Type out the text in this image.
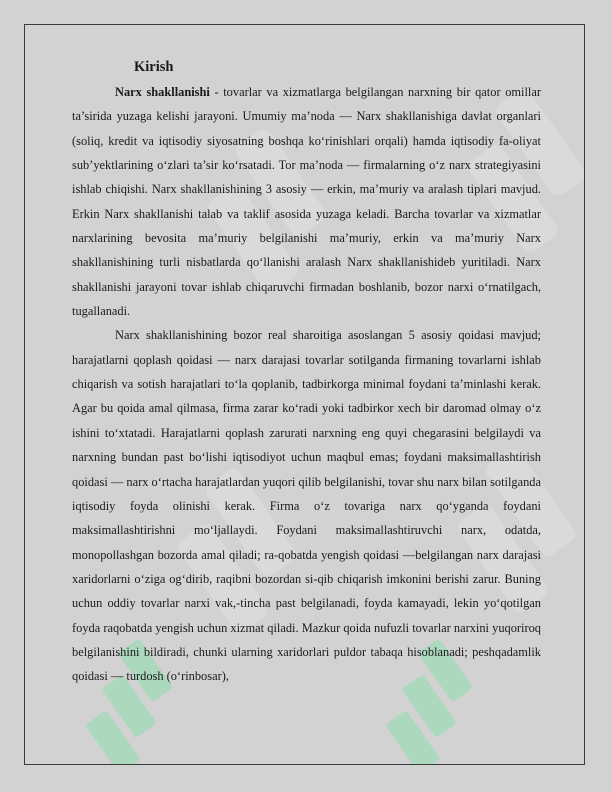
Kirish

Narx shakllanishi - tovarlar va xizmatlarga belgilangan narxning bir qator omillar ta’sirida yuzaga kelishi jarayoni. Umumiy ma’noda — Narx shakllanishiga davlat organlari (soliq, kredit va iqtisodiy siyosatning boshqa ko‘rinishlari orqali) hamda iqtisodiy fa-oliyat sub’yektlarining o‘zlari ta’sir ko‘rsatadi. Tor ma’noda — firmalarning o‘z narx strategiyasini ishlab chiqishi. Narx shakllanishining 3 asosiy — erkin, ma’muriy va aralash tiplari mavjud. Erkin Narx shakllanishi talab va taklif asosida yuzaga keladi. Barcha tovarlar va xizmatlar narxlarining bevosita ma’muriy belgilanishi ma’muriy, erkin va ma’muriy Narx shakllanishining turli nisbatlarda qo‘llanishi aralash Narx shakllanishideb yuritiladi. Narx shakllanishi jarayoni tovar ishlab chiqaruvchi firmadan boshlanib, bozor narxi o‘rnatilgach, tugallanadi.

Narx shakllanishining bozor real sharoitiga asoslangan 5 asosiy qoidasi mavjud; harajatlarni qoplash qoidasi — narx darajasi tovarlar sotilganda firmaning tovarlarni ishlab chiqarish va sotish harajatlari to‘la qoplanib, tadbirkorga minimal foydani ta’minlashi kerak. Agar bu qoida amal qilmasa, firma zarar ko‘radi yoki tadbirkor xech bir daromad olmay o‘z ishini to‘xtatadi. Harajatlarni qoplash zarurati narxning eng quyi chegarasini belgilaydi va narxning bundan past bo‘lishi iqtisodiyot uchun maqbul emas; foydani maksimallashtirish qoidasi — narx o‘rtacha harajatlardan yuqori qilib belgilanishi, tovar shu narx bilan sotilganda iqtisodiy foyda olinishi kerak. Firma o‘z tovariga narx qo‘yganda foydani maksimallashtirishni mo‘ljallaydi. Foydani maksimallashtiruvchi narx, odatda, monopollashgan bozorda amal qiladi; ra-qobatda yengish qoidasi —belgilangan narx darajasi xaridorlarni o‘ziga og‘dirib, raqibni bozordan si-qib chiqarish imkonini berishi zarur. Buning uchun oddiy tovarlar narxi vak,-tincha past belgilanadi, foyda kamayadi, lekin yo‘qotilgan foyda raqobatda yengish uchun xizmat qiladi. Mazkur qoida nufuzli tovarlar narxini yuqoriroq belgilanishini bildiradi, chunki ularning xaridorlari puldor tabaqa hisoblanadi; peshqadamlik qoidasi — turdosh (o‘rinbosar),
